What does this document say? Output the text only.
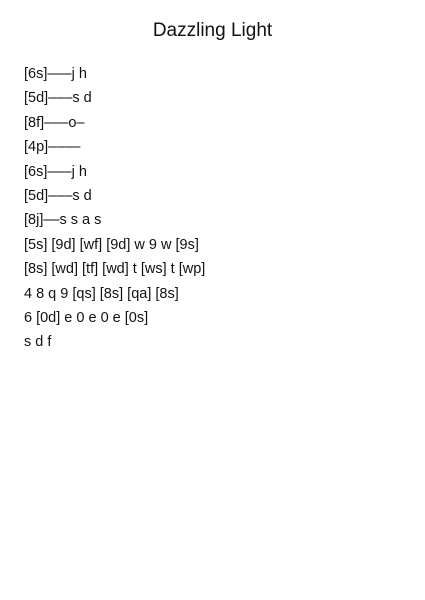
Dazzling Light
[6s]–––j h
[5d]–––s d
[8f]–––o–
[4p]––––
[6s]–––j h
[5d]–––s d
[8j]––s s a s
[5s] [9d] [wf] [9d] w 9 w [9s]
[8s] [wd] [tf] [wd] t [ws] t [wp]
4 8 q 9 [qs] [8s] [qa] [8s]
6 [0d] e 0 e 0 e [0s]
s d f
